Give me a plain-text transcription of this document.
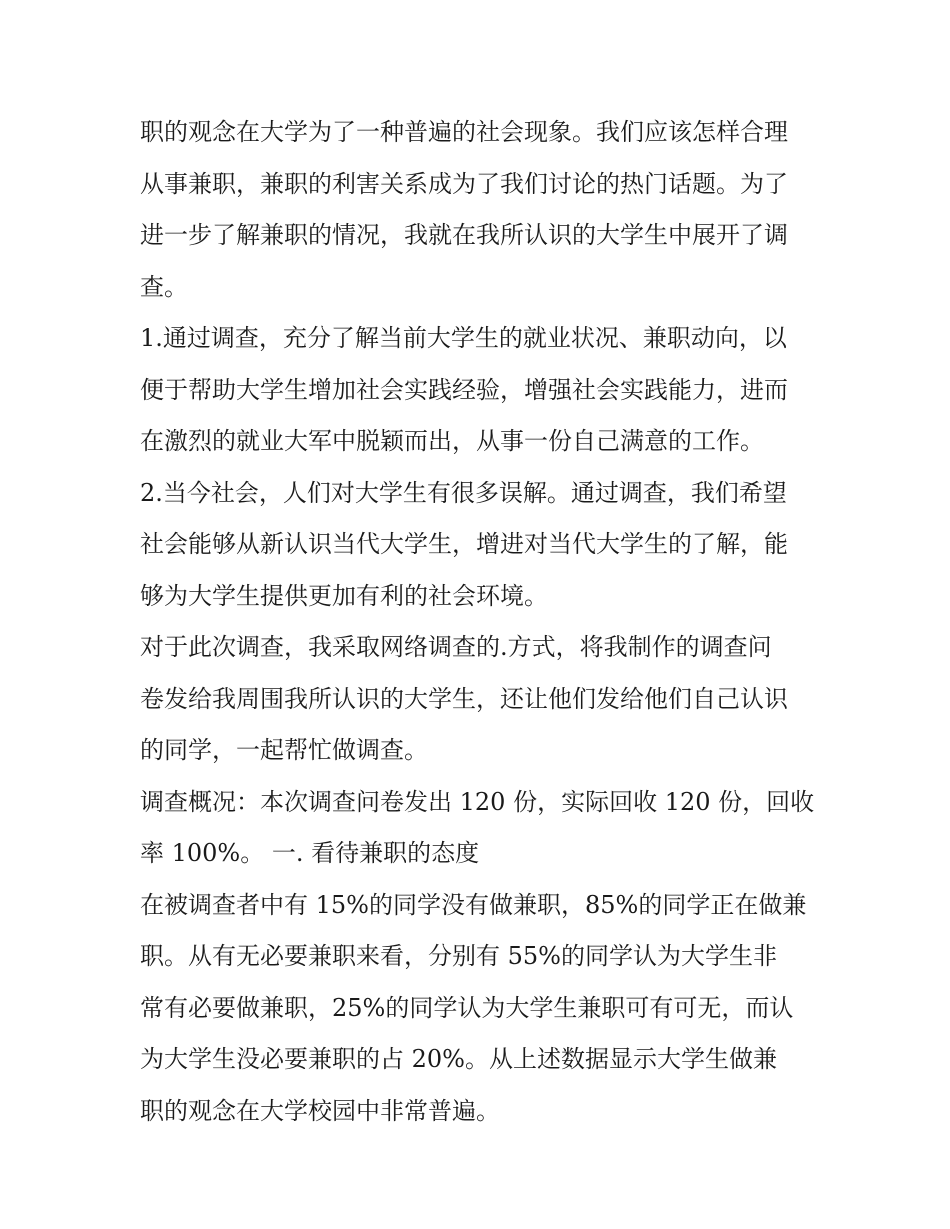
职的观念在大学为了一种普遍的社会现象。我们应该怎样合理
从事兼职，兼职的利害关系成为了我们讨论的热门话题。为了
进一步了解兼职的情况，我就在我所认识的大学生中展开了调
查。

1.通过调查，充分了解当前大学生的就业状况、兼职动向，以
便于帮助大学生增加社会实践经验，增强社会实践能力，进而
在激烈的就业大军中脱颖而出，从事一份自己满意的工作。

2.当今社会，人们对大学生有很多误解。通过调查，我们希望
社会能够从新认识当代大学生，增进对当代大学生的了解，能
够为大学生提供更加有利的社会环境。

对于此次调查，我采取网络调查的.方式，将我制作的调查问
卷发给我周围我所认识的大学生，还让他们发给他们自己认识
的同学，一起帮忙做调查。

调查概况：本次调查问卷发出 120 份，实际回收 120 份，回收
率 100%。 一. 看待兼职的态度

在被调查者中有 15%的同学没有做兼职，85%的同学正在做兼
职。从有无必要兼职来看，分别有 55%的同学认为大学生非
常有必要做兼职，25%的同学认为大学生兼职可有可无，而认
为大学生没必要兼职的占 20%。从上述数据显示大学生做兼
职的观念在大学校园中非常普遍。
